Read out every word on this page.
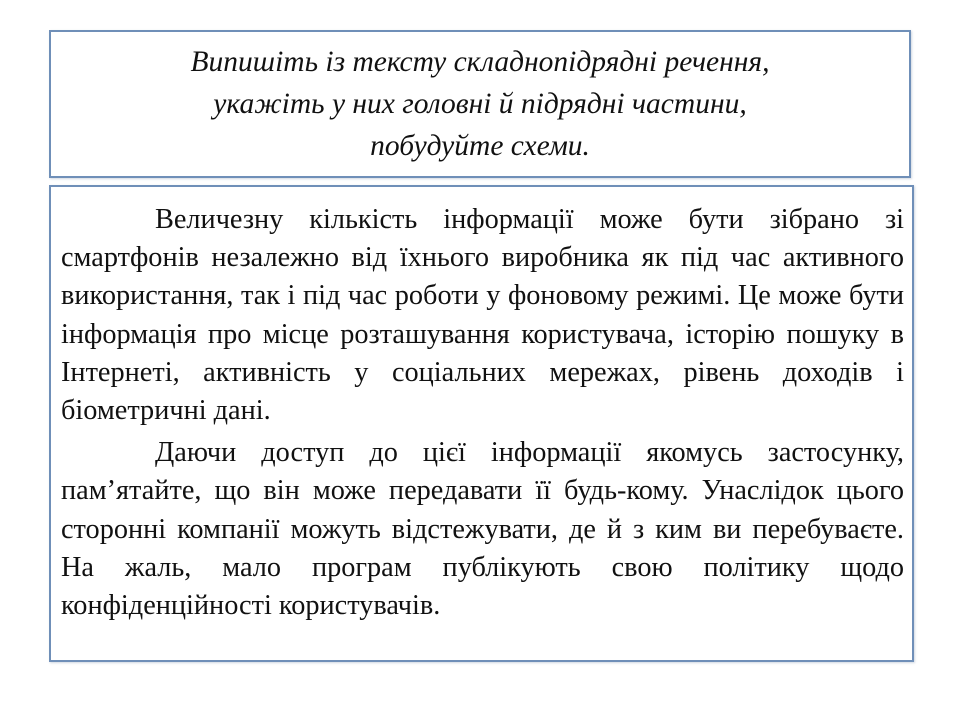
Випишіть із тексту складнопідрядні речення,
укажіть у них головні й підрядні частини,
побудуйте схеми.

Величезну кількість інформації може бути зібрано зі смартфонів незалежно від їхнього виробника як під час активного використання, так і під час роботи у фоновому режимі. Це може бути інформація про місце розташування користувача, історію пошуку в Інтернеті, активність у соціальних мережах, рівень доходів і біометричні дані.

Даючи доступ до цієї інформації якомусь застосунку, пам’ятайте, що він може передавати її будь-кому. Унаслідок цього сторонні компанії можуть відстежувати, де й з ким ви перебуваєте. На жаль, мало програм публікують свою політику щодо конфіденційності користувачів.
